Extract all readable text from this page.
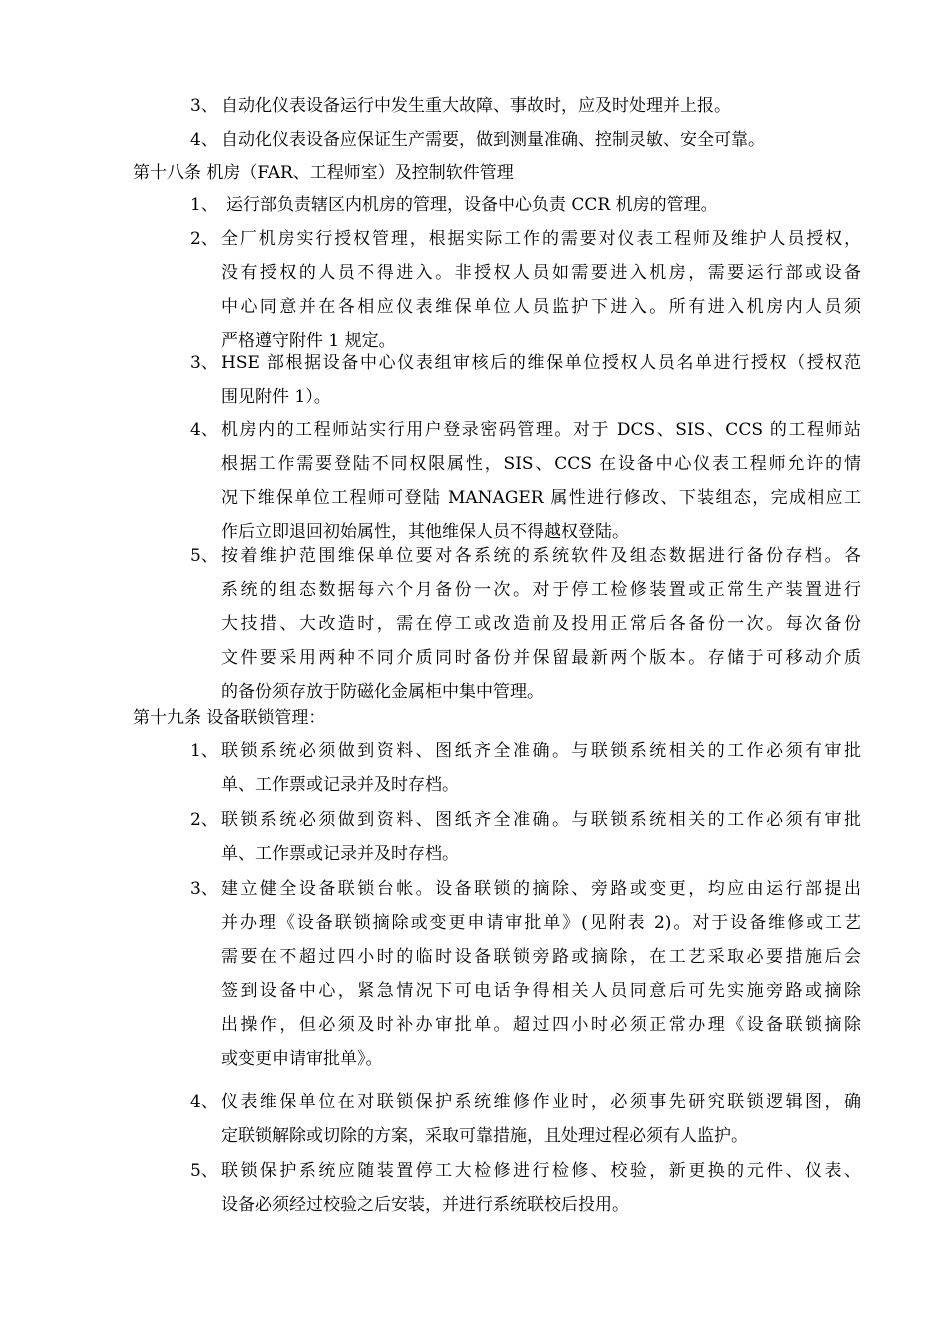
3、 自动化仪表设备运行中发生重大故障、事故时，应及时处理并上报。
4、 自动化仪表设备应保证生产需要，做到测量准确、控制灵敏、安全可靠。
第十八条 机房（FAR、工程师室）及控制软件管理
1、 运行部负责辖区内机房的管理，设备中心负责 CCR 机房的管理。
2、 全厂机房实行授权管理，根据实际工作的需要对仪表工程师及维护人员授权，
没有授权的人员不得进入。非授权人员如需要进入机房，需要运行部或设备
中心同意并在各相应仪表维保单位人员监护下进入。所有进入机房内人员须
严格遵守附件 1 规定。
3、 HSE 部根据设备中心仪表组审核后的维保单位授权人员名单进行授权（授权范
围见附件 1）。
4、 机房内的工程师站实行用户登录密码管理。对于 DCS、SIS、CCS 的工程师站
根据工作需要登陆不同权限属性，SIS、CCS 在设备中心仪表工程师允许的情
况下维保单位工程师可登陆 MANAGER 属性进行修改、下装组态，完成相应工
作后立即退回初始属性，其他维保人员不得越权登陆。
5、 按着维护范围维保单位要对各系统的系统软件及组态数据进行备份存档。各
系统的组态数据每六个月备份一次。对于停工检修装置或正常生产装置进行
大技措、大改造时，需在停工或改造前及投用正常后各备份一次。每次备份
文件要采用两种不同介质同时备份并保留最新两个版本。存储于可移动介质
的备份须存放于防磁化金属柜中集中管理。
第十九条 设备联锁管理：
1、 联锁系统必须做到资料、图纸齐全准确。与联锁系统相关的工作必须有审批
单、工作票或记录并及时存档。
2、 联锁系统必须做到资料、图纸齐全准确。与联锁系统相关的工作必须有审批
单、工作票或记录并及时存档。
3、 建立健全设备联锁台帐。设备联锁的摘除、旁路或变更，均应由运行部提出
并办理《设备联锁摘除或变更申请审批单》(见附表 2)。对于设备维修或工艺
需要在不超过四小时的临时设备联锁旁路或摘除，在工艺采取必要措施后会
签到设备中心，紧急情况下可电话争得相关人员同意后可先实施旁路或摘除
出操作，但必须及时补办审批单。超过四小时必须正常办理《设备联锁摘除
或变更申请审批单》。
4、 仪表维保单位在对联锁保护系统维修作业时，必须事先研究联锁逻辑图，确
定联锁解除或切除的方案，采取可靠措施，且处理过程必须有人监护。
5、 联锁保护系统应随装置停工大检修进行检修、校验，新更换的元件、仪表、
设备必须经过校验之后安装，并进行系统联校后投用。
